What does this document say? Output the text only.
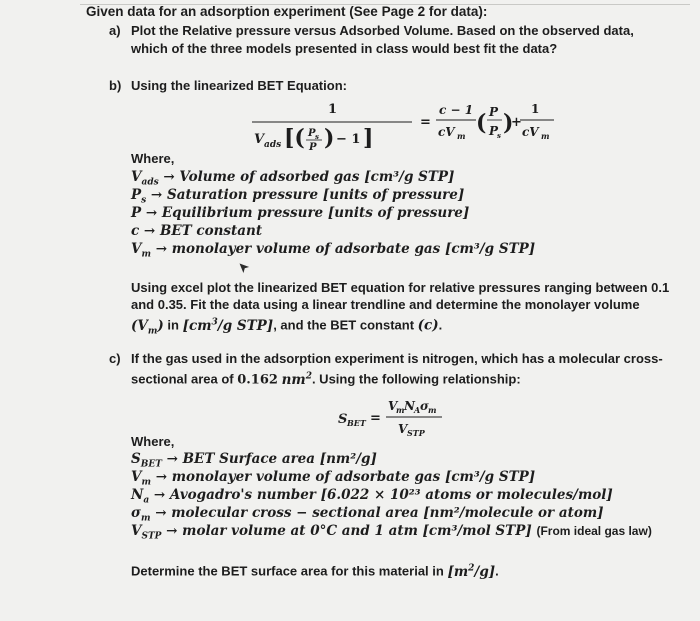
Given data for an adsorption experiment (See Page 2 for data):
a) Plot the Relative pressure versus Adsorbed Volume. Based on the observed data,
which of the three models presented in class would best fit the data?
b) Using the linearized BET Equation:
1
V ads [( P s
P ) − 1 ]
=
c − 1
cV m ( P
P
s )
+
1
cV m
Where,
$V_{ads}$ → Volume of adsorbed gas [cm³/g STP]
$P_s$ → Saturation pressure [units of pressure]
P → Equilibrium pressure [units of pressure]
c → BET constant
$V_m$ → monolayer volume of adsorbate gas [cm³/g STP]
Using excel plot the linearized BET equation for relative pressures ranging between 0.1
and 0.35. Fit the data using a linear trendline and determine the monolayer volume
$(V_m)$ in [$cm^3/g$ STP], and the BET constant (c).
c) If the gas used in the adsorption experiment is nitrogen, which has a molecular cross-
sectional area of 0.162 $nm^2$. Using the following relationship:
S BET =
V
m N A σ m
V STP
Where,
$S_{BET}$ → BET Surface area [nm²/g]
$V_m$ → monolayer volume of adsorbate gas [cm³/g STP]
$N_a$ → Avogadro's number [6.022 × 10²³ atoms or molecules/mol]
$\sigma_m$ → molecular cross − sectional area [nm²/molecule or atom]
$V_{STP}$ → molar volume at 0°C and 1 atm [cm³/mol STP] (From ideal gas law)
Determine the BET surface area for this material in $[m^2/g]$.
